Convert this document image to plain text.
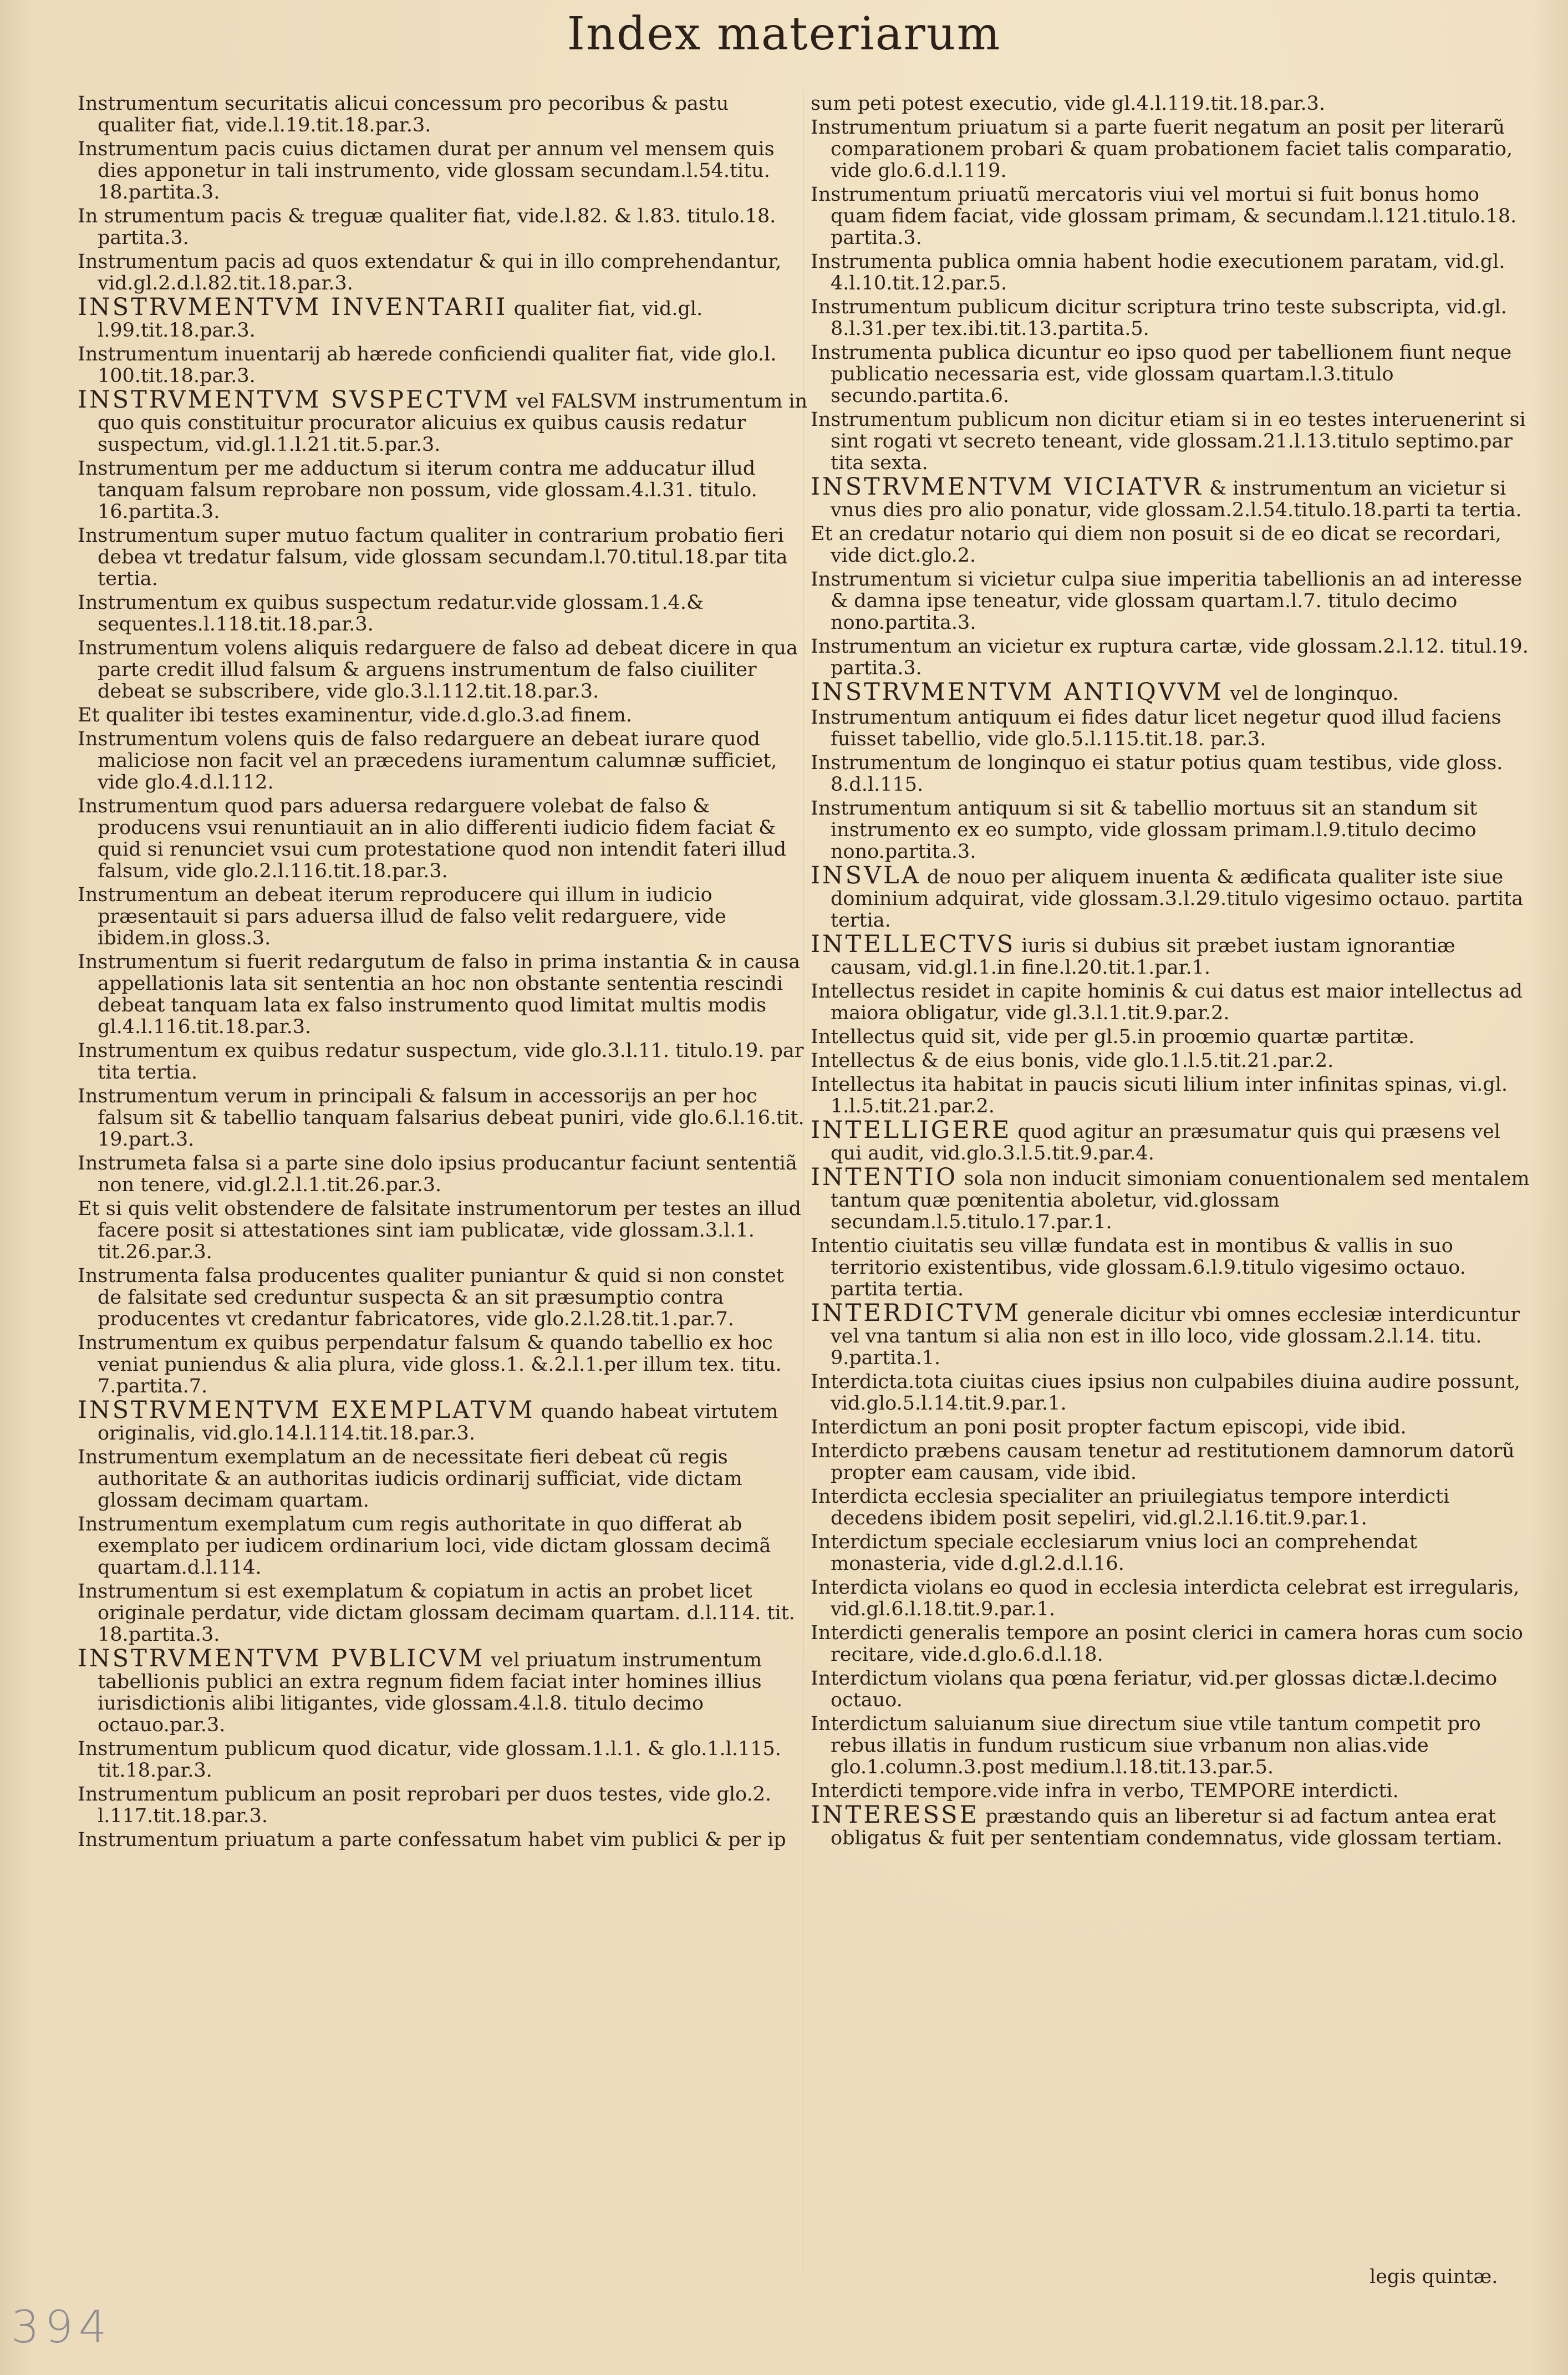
Index materiarum
Instrumentum securitatis alicui concessum pro pecoribus & pastu qualiter fiat, vide.l.19.tit.18.par.3.
Instrumentum pacis cuius dictamen durat per annum vel mensem quis dies apponetur in tali instrumento, vide glossam secundam.l.54.titu. 18.partita.3.
In strumentum pacis & treguæ qualiter fiat, vide.l.82. & l.83. titulo.18. partita.3.
Instrumentum pacis ad quos extendatur & qui in illo comprehendantur, vid.gl.2.d.l.82.tit.18.par.3.
INSTRVMENTVM INVENTARII qualiter fiat, vid.gl. l.99.tit.18.par.3.
Instrumentum inuentarij ab hærede conficiendi qualiter fiat, vide glo.l. 100.tit.18.par.3.
INSTRVMENTVM SVSPECTVM vel FALSVM instrumentum in quo quis constituitur procurator alicuius ex quibus causis redatur suspectum, vid.gl.1.l.21.tit.5.par.3.
Instrumentum per me adductum si iterum contra me adducatur illud tanquam falsum reprobare non possum, vide glossam.4.l.31. titulo. 16.partita.3.
Instrumentum super mutuo factum qualiter in contrarium probatio fieri debea vt tredatur falsum, vide glossam secundam.l.70.titul.18.par tita tertia.
Instrumentum ex quibus suspectum redatur.vide glossam.1.4.& sequentes.l.118.tit.18.par.3.
Instrumentum volens aliquis redarguere de falso ad debeat dicere in qua parte credit illud falsum & arguens instrumentum de falso ciuiliter debeat se subscribere, vide glo.3.l.112.tit.18.par.3.
Et qualiter ibi testes examinentur, vide.d.glo.3.ad finem.
Instrumentum volens quis de falso redarguere an debeat iurare quod maliciose non facit vel an præcedens iuramentum calumnæ sufficiet, vide glo.4.d.l.112.
Instrumentum quod pars aduersa redarguere volebat de falso & producens vsui renuntiauit an in alio differenti iudicio fidem faciat & quid si renunciet vsui cum protestatione quod non intendit fateri illud falsum, vide glo.2.l.116.tit.18.par.3.
Instrumentum an debeat iterum reproducere qui illum in iudicio præsentauit si pars aduersa illud de falso velit redarguere, vide ibidem.in gloss.3.
Instrumentum si fuerit redargutum de falso in prima instantia & in causa appellationis lata sit sententia an hoc non obstante sententia rescindi debeat tanquam lata ex falso instrumento quod limitat multis modis gl.4.l.116.tit.18.par.3.
Instrumentum ex quibus redatur suspectum, vide glo.3.l.11. titulo.19. par tita tertia.
Instrumentum verum in principali & falsum in accessorijs an per hoc falsum sit & tabellio tanquam falsarius debeat puniri, vide glo.6.l.16.tit. 19.part.3.
Instrumeta falsa si a parte sine dolo ipsius producantur faciunt sententiã non tenere, vid.gl.2.l.1.tit.26.par.3.
Et si quis velit obstendere de falsitate instrumentorum per testes an illud facere posit si attestationes sint iam publicatæ, vide glossam.3.l.1. tit.26.par.3.
Instrumenta falsa producentes qualiter puniantur & quid si non constet de falsitate sed creduntur suspecta & an sit præsumptio contra producentes vt credantur fabricatores, vide glo.2.l.28.tit.1.par.7.
Instrumentum ex quibus perpendatur falsum & quando tabellio ex hoc veniat puniendus & alia plura, vide gloss.1. &.2.l.1.per illum tex. titu. 7.partita.7.
INSTRVMENTVM EXEMPLATVM quando habeat virtutem originalis, vid.glo.14.l.114.tit.18.par.3.
Instrumentum exemplatum an de necessitate fieri debeat cũ regis authoritate & an authoritas iudicis ordinarij sufficiat, vide dictam glossam decimam quartam.
Instrumentum exemplatum cum regis authoritate in quo differat ab exemplato per iudicem ordinarium loci, vide dictam glossam decimã quartam.d.l.114.
Instrumentum si est exemplatum & copiatum in actis an probet licet originale perdatur, vide dictam glossam decimam quartam. d.l.114. tit. 18.partita.3.
INSTRVMENTVM PVBLICVM vel priuatum instrumentum tabellionis publici an extra regnum fidem faciat inter homines illius iurisdictionis alibi litigantes, vide glossam.4.l.8. titulo decimo octauo.par.3.
Instrumentum publicum quod dicatur, vide glossam.1.l.1. & glo.1.l.115. tit.18.par.3.
Instrumentum publicum an posit reprobari per duos testes, vide glo.2. l.117.tit.18.par.3.
Instrumentum priuatum a parte confessatum habet vim publici & per ip
sum peti potest executio, vide gl.4.l.119.tit.18.par.3.
Instrumentum priuatum si a parte fuerit negatum an posit per literarũ comparationem probari & quam probationem faciet talis comparatio, vide glo.6.d.l.119.
Instrumentum priuatũ mercatoris viui vel mortui si fuit bonus homo quam fidem faciat, vide glossam primam, & secundam.l.121.titulo.18. partita.3.
Instrumenta publica omnia habent hodie executionem paratam, vid.gl. 4.l.10.tit.12.par.5.
Instrumentum publicum dicitur scriptura trino teste subscripta, vid.gl. 8.l.31.per tex.ibi.tit.13.partita.5.
Instrumenta publica dicuntur eo ipso quod per tabellionem fiunt neque publicatio necessaria est, vide glossam quartam.l.3.titulo secundo.partita.6.
Instrumentum publicum non dicitur etiam si in eo testes interuenerint si sint rogati vt secreto teneant, vide glossam.21.l.13.titulo septimo.par tita sexta.
INSTRVMENTVM VICIATVR & instrumentum an vicietur si vnus dies pro alio ponatur, vide glossam.2.l.54.titulo.18.parti ta tertia.
Et an credatur notario qui diem non posuit si de eo dicat se recordari, vide dict.glo.2.
Instrumentum si vicietur culpa siue imperitia tabellionis an ad interesse & damna ipse teneatur, vide glossam quartam.l.7. titulo decimo nono.partita.3.
Instrumentum an vicietur ex ruptura cartæ, vide glossam.2.l.12. titul.19. partita.3.
INSTRVMENTVM ANTIQVVM vel de longinquo.
Instrumentum antiquum ei fides datur licet negetur quod illud faciens fuisset tabellio, vide glo.5.l.115.tit.18. par.3.
Instrumentum de longinquo ei statur potius quam testibus, vide gloss. 8.d.l.115.
Instrumentum antiquum si sit & tabellio mortuus sit an standum sit instrumento ex eo sumpto, vide glossam primam.l.9.titulo decimo nono.partita.3.
INSVLA de nouo per aliquem inuenta & ædificata qualiter iste siue dominium adquirat, vide glossam.3.l.29.titulo vigesimo octauo. partita tertia.
INTELLECTVS iuris si dubius sit præbet iustam ignorantiæ causam, vid.gl.1.in fine.l.20.tit.1.par.1.
Intellectus residet in capite hominis & cui datus est maior intellectus ad maiora obligatur, vide gl.3.l.1.tit.9.par.2.
Intellectus quid sit, vide per gl.5.in proœmio quartæ partitæ.
Intellectus & de eius bonis, vide glo.1.l.5.tit.21.par.2.
Intellectus ita habitat in paucis sicuti lilium inter infinitas spinas, vi.gl. 1.l.5.tit.21.par.2.
INTELLIGERE quod agitur an præsumatur quis qui præsens vel qui audit, vid.glo.3.l.5.tit.9.par.4.
INTENTIO sola non inducit simoniam conuentionalem sed mentalem tantum quæ pœnitentia aboletur, vid.glossam secundam.l.5.titulo.17.par.1.
Intentio ciuitatis seu villæ fundata est in montibus & vallis in suo territorio existentibus, vide glossam.6.l.9.titulo vigesimo octauo. partita tertia.
INTERDICTVM generale dicitur vbi omnes ecclesiæ interdicuntur vel vna tantum si alia non est in illo loco, vide glossam.2.l.14. titu. 9.partita.1.
Interdicta.tota ciuitas ciues ipsius non culpabiles diuina audire possunt, vid.glo.5.l.14.tit.9.par.1.
Interdictum an poni posit propter factum episcopi, vide ibid.
Interdicto præbens causam tenetur ad restitutionem damnorum datorũ propter eam causam, vide ibid.
Interdicta ecclesia specialiter an priuilegiatus tempore interdicti decedens ibidem posit sepeliri, vid.gl.2.l.16.tit.9.par.1.
Interdictum speciale ecclesiarum vnius loci an comprehendat monasteria, vide d.gl.2.d.l.16.
Interdicta violans eo quod in ecclesia interdicta celebrat est irregularis, vid.gl.6.l.18.tit.9.par.1.
Interdicti generalis tempore an posint clerici in camera horas cum socio recitare, vide.d.glo.6.d.l.18.
Interdictum violans qua pœna feriatur, vid.per glossas dictæ.l.decimo octauo.
Interdictum saluianum siue directum siue vtile tantum competit pro rebus illatis in fundum rusticum siue vrbanum non alias.vide glo.1.column.3.post medium.l.18.tit.13.par.5.
Interdicti tempore.vide infra in verbo, TEMPORE interdicti.
INTERESSE præstando quis an liberetur si ad factum antea erat obligatus & fuit per sententiam condemnatus, vide glossam tertiam.
legis quintæ.
394
